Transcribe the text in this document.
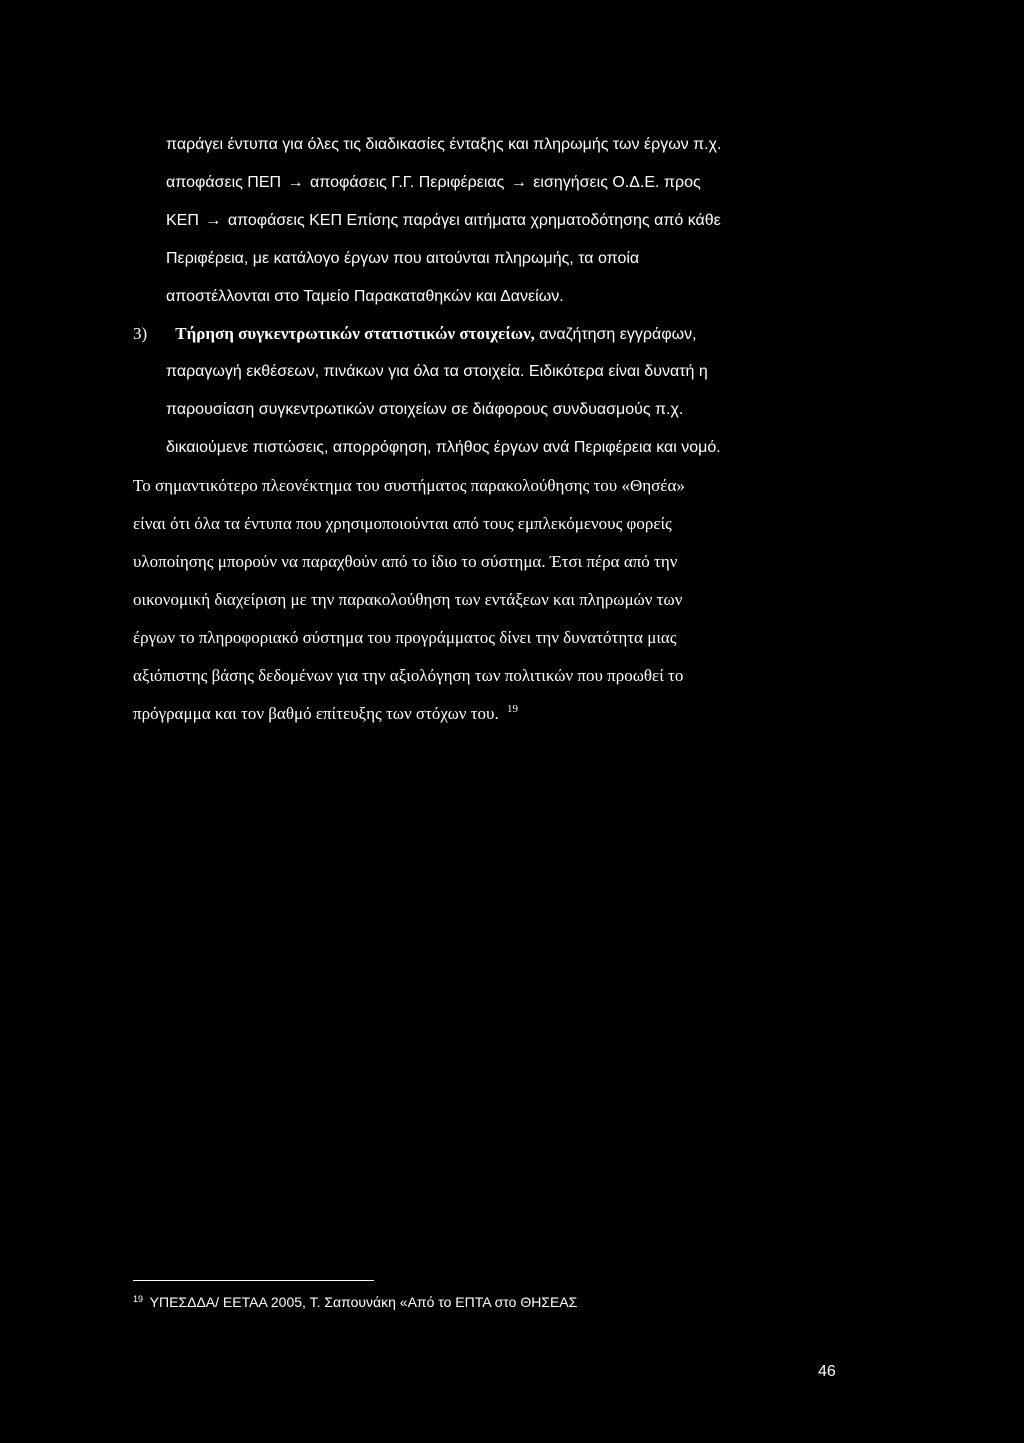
παράγει έντυπα για όλες τις διαδικασίες ένταξης και πληρωμής των έργων π.χ.
αποφάσεις ΠΕΠ → αποφάσεις Γ.Γ. Περιφέρειας → εισηγήσεις Ο.Δ.Ε. προς
ΚΕΠ → αποφάσεις ΚΕΠ Επίσης παράγει αιτήματα χρηματοδότησης από κάθε
Περιφέρεια, με κατάλογο έργων που αιτούνται πληρωμής, τα οποία
αποστέλλονται στο Ταμείο Παρακαταθηκών και Δανείων.
3) Τήρηση συγκεντρωτικών στατιστικών στοιχείων, αναζήτηση εγγράφων,
παραγωγή εκθέσεων, πινάκων για όλα τα στοιχεία. Ειδικότερα είναι δυνατή η
παρουσίαση συγκεντρωτικών στοιχείων σε διάφορους συνδυασμούς π.χ.
δικαιούμενε πιστώσεις, απορρόφηση, πλήθος έργων ανά Περιφέρεια και νομό.
Το σημαντικότερο πλεονέκτημα του συστήματος παρακολούθησης του «Θησέα»
είναι ότι όλα τα έντυπα που χρησιμοποιούνται από τους εμπλεκόμενους φορείς
υλοποίησης μπορούν να παραχθούν από το ίδιο το σύστημα. Έτσι πέρα από την
οικονομική διαχείριση με την παρακολούθηση των εντάξεων και πληρωμών των
έργων το πληροφοριακό σύστημα του προγράμματος δίνει την δυνατότητα μιας
αξιόπιστης βάσης δεδομένων για την αξιολόγηση των πολιτικών που προωθεί το
πρόγραμμα και τον βαθμό επίτευξης των στόχων του. $^{19}$
$^{19}$ ΥΠΕΣΔΔΑ/ ΕΕΤΑΑ 2005, Τ. Σαπουνάκη «Από το ΕΠΤΑ στο ΘΗΣΕΑΣ
46
